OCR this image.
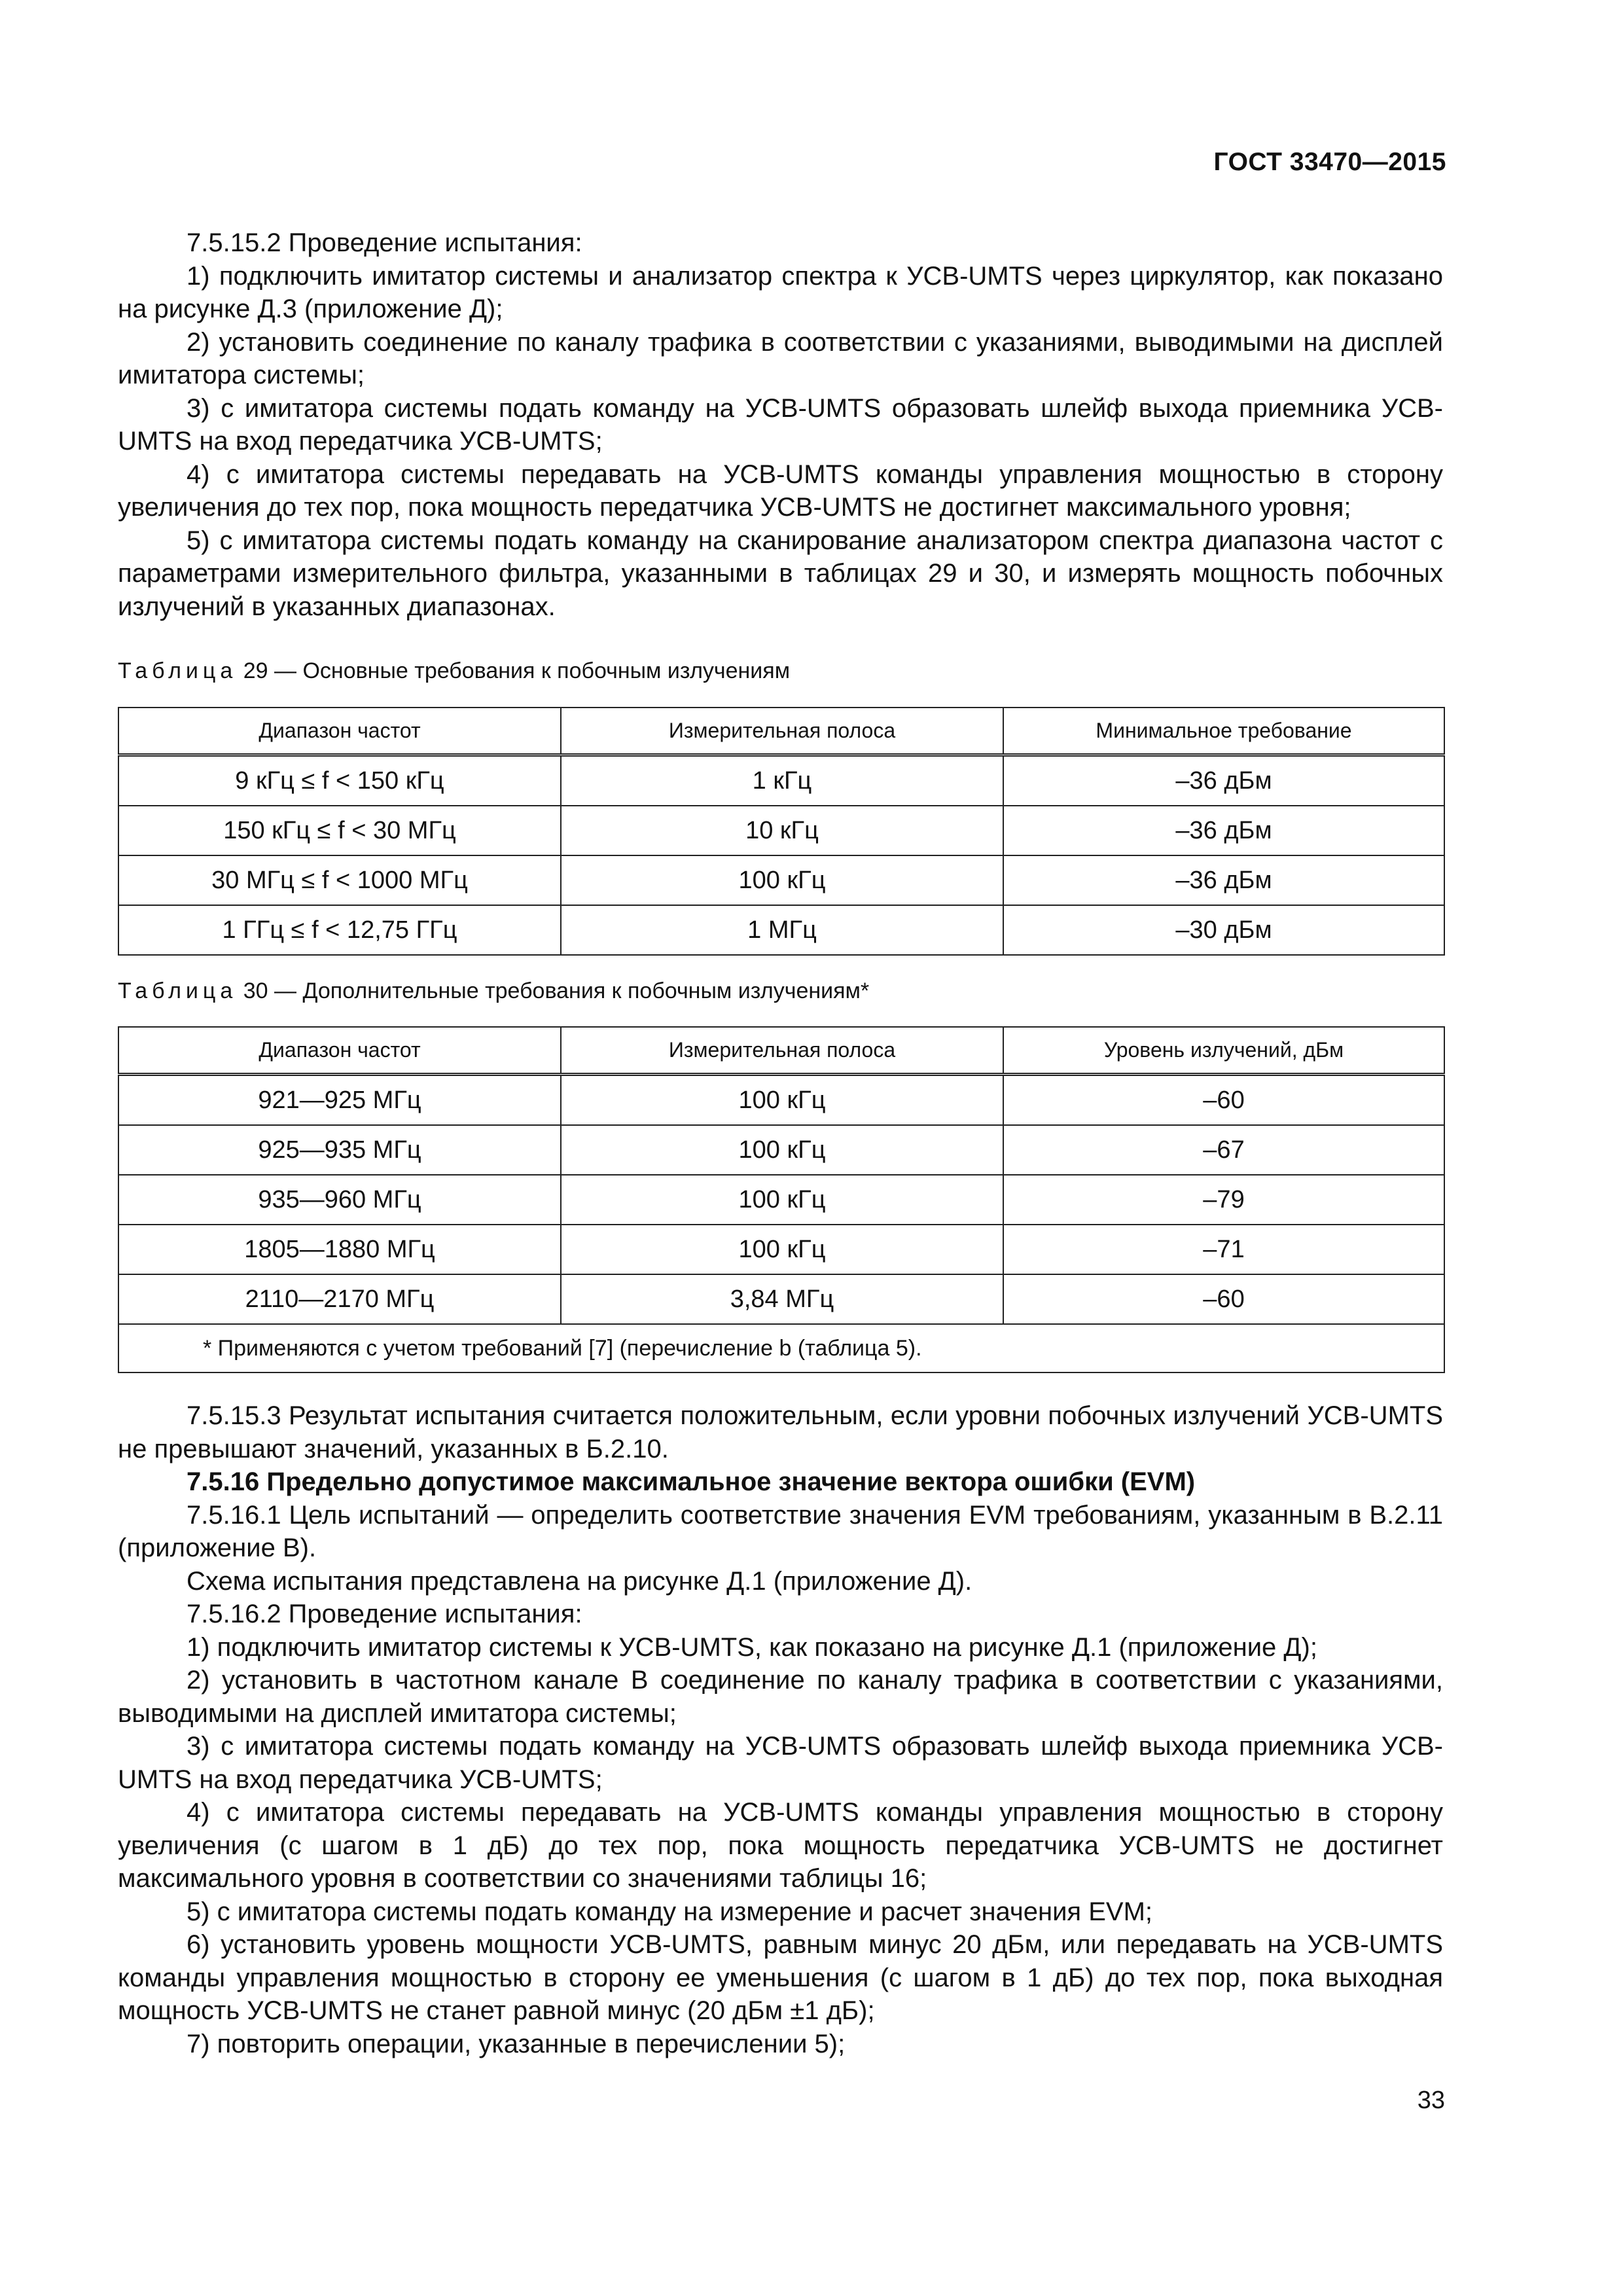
ГОСТ 33470—2015

7.5.15.2 Проведение испытания:

1) подключить имитатор системы и анализатор спектра к УСВ-UMTS через циркулятор, как показано на рисунке Д.3 (приложение Д);

2) установить соединение по каналу трафика в соответствии с указаниями, выводимыми на дисплей имитатора системы;

3) с имитатора системы подать команду на УСВ-UMTS образовать шлейф выхода приемника УСВ-UMTS на вход передатчика УСВ-UMTS;

4) с имитатора системы передавать на УСВ-UMTS команды управления мощностью в сторону увеличения до тех пор, пока мощность передатчика УСВ-UMTS не достигнет максимального уровня;

5) с имитатора системы подать команду на сканирование анализатором спектра диапазона частот с параметрами измерительного фильтра, указанными в таблицах 29 и 30, и измерять мощность побочных излучений в указанных диапазонах.

Таблица 29 — Основные требования к побочным излучениям
Диапазон частот	Измерительная полоса	Минимальное требование
9 кГц ≤ f < 150 кГц	1 кГц	–36 дБм
150 кГц ≤ f < 30 МГц	10 кГц	–36 дБм
30 МГц ≤ f < 1000 МГц	100 кГц	–36 дБм
1 ГГц ≤ f < 12,75 ГГц	1 МГц	–30 дБм
Таблица 30 — Дополнительные требования к побочным излучениям*
Диапазон частот	Измерительная полоса	Уровень излучений, дБм
921—925 МГц	100 кГц	–60
925—935 МГц	100 кГц	–67
935—960 МГц	100 кГц	–79
1805—1880 МГц	100 кГц	–71
2110—2170 МГц	3,84 МГц	–60
* Применяются с учетом требований [7] (перечисление b (таблица 5).		

7.5.15.3 Результат испытания считается положительным, если уровни побочных излучений УСВ-UMTS не превышают значений, указанных в Б.2.10.

7.5.16 Предельно допустимое максимальное значение вектора ошибки (EVM)

7.5.16.1 Цель испытаний — определить соответствие значения EVM требованиям, указанным в В.2.11 (приложение В).

Схема испытания представлена на рисунке Д.1 (приложение Д).

7.5.16.2 Проведение испытания:

1) подключить имитатор системы к УСВ-UMTS, как показано на рисунке Д.1 (приложение Д);

2) установить в частотном канале B соединение по каналу трафика в соответствии с указаниями, выводимыми на дисплей имитатора системы;

3) с имитатора системы подать команду на УСВ-UMTS образовать шлейф выхода приемника УСВ-UMTS на вход передатчика УСВ-UMTS;

4) с имитатора системы передавать на УСВ-UMTS команды управления мощностью в сторону увеличения (с шагом в 1 дБ) до тех пор, пока мощность передатчика УСВ-UMTS не достигнет максимального уровня в соответствии со значениями таблицы 16;

5) с имитатора системы подать команду на измерение и расчет значения EVM;

6) установить уровень мощности УСВ-UMTS, равным минус 20 дБм, или передавать на УСВ-UMTS команды управления мощностью в сторону ее уменьшения (с шагом в 1 дБ) до тех пор, пока выходная мощность УСВ-UMTS не станет равной минус (20 дБм ±1 дБ);

7) повторить операции, указанные в перечислении 5);

33
